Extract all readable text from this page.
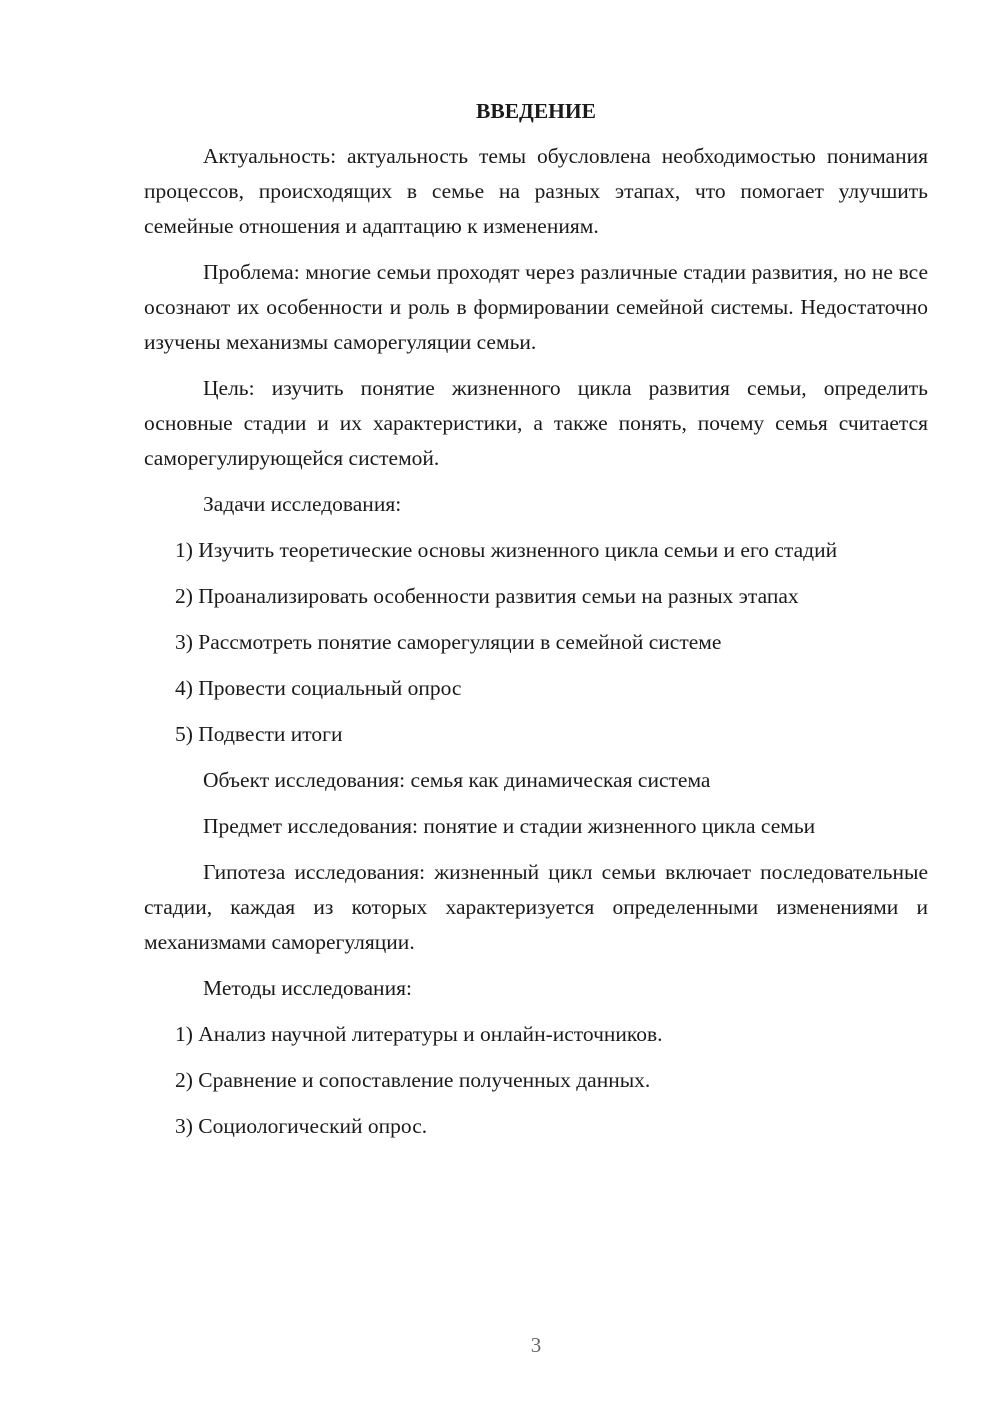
ВВЕДЕНИЕ

Актуальность: актуальность темы обусловлена необходимостью понимания процессов, происходящих в семье на разных этапах, что помогает улучшить семейные отношения и адаптацию к изменениям.

Проблема: многие семьи проходят через различные стадии развития, но не все осознают их особенности и роль в формировании семейной системы. Недостаточно изучены механизмы саморегуляции семьи.

Цель: изучить понятие жизненного цикла развития семьи, определить основные стадии и их характеристики, а также понять, почему семья считается саморегулирующейся системой.

Задачи исследования:

1) Изучить теоретические основы жизненного цикла семьи и его стадий

2) Проанализировать особенности развития семьи на разных этапах

3) Рассмотреть понятие саморегуляции в семейной системе

4) Провести социальный опрос

5) Подвести итоги

Объект исследования: семья как динамическая система

Предмет исследования: понятие и стадии жизненного цикла семьи

Гипотеза исследования: жизненный цикл семьи включает последовательные стадии, каждая из которых характеризуется определенными изменениями и механизмами саморегуляции.

Методы исследования:

1) Анализ научной литературы и онлайн-источников.

2) Сравнение и сопоставление полученных данных.

3) Социологический опрос.

3
